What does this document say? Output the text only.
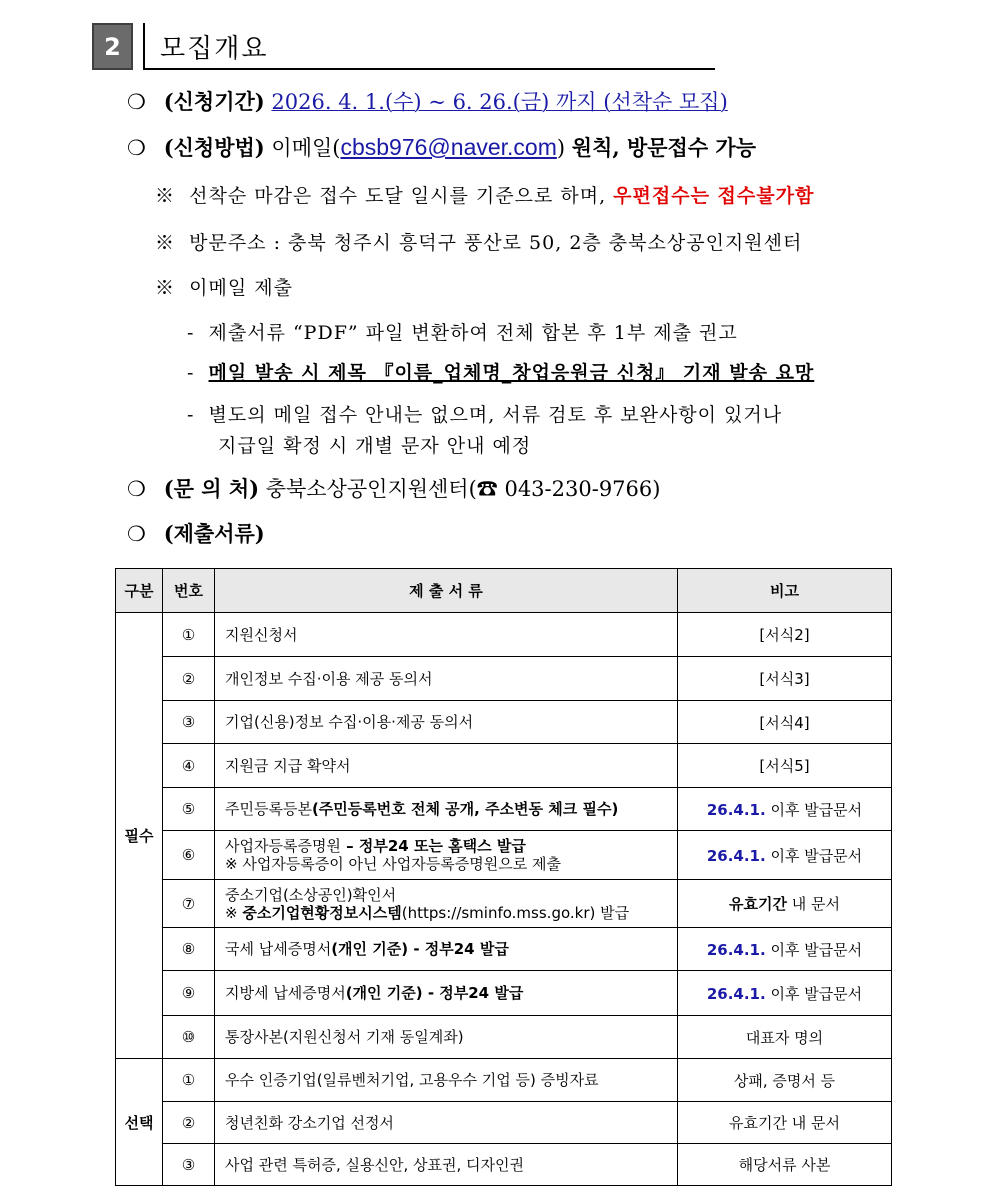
2 모집개요
❍ (신청기간) 2026. 4. 1.(수) ~ 6. 26.(금) 까지 (선착순 모집)
❍ (신청방법) 이메일(cbsb976@naver.com) 원칙, 방문접수 가능
※ 선착순 마감은 접수 도달 일시를 기준으로 하며, 우편접수는 접수불가함
※ 방문주소 : 충북 청주시 흥덕구 풍산로 50, 2층 충북소상공인지원센터
※ 이메일 제출
- 제출서류 “PDF” 파일 변환하여 전체 합본 후 1부 제출 권고
- 메일 발송 시 제목 『이름_업체명_창업응원금 신청』 기재 발송 요망
- 별도의 메일 접수 안내는 없으며, 서류 검토 후 보완사항이 있거나
지급일 확정 시 개별 문자 안내 예정
❍ (문 의 처) 충북소상공인지원센터(☎ 043-230-9766)
❍ (제출서류)
구분	번호	제 출 서 류	비고
필수	①	지원신청서	[서식2]
	②	개인정보 수집·이용 제공 동의서	[서식3]
	③	기업(신용)정보 수집·이용·제공 동의서	[서식4]
	④	지원금 지급 확약서	[서식5]
	⑤	주민등록등본(주민등록번호 전체 공개, 주소변동 체크 필수)	26.4.1. 이후 발급문서
	⑥	사업자등록증명원 – 정부24 또는 홈택스 발급
※ 사업자등록증이 아닌 사업자등록증명원으로 제출	26.4.1. 이후 발급문서
	⑦	중소기업(소상공인)확인서
※ 중소기업현황정보시스템(https://sminfo.mss.go.kr) 발급	유효기간 내 문서
	⑧	국세 납세증명서(개인 기준) - 정부24 발급	26.4.1. 이후 발급문서
	⑨	지방세 납세증명서(개인 기준) - 정부24 발급	26.4.1. 이후 발급문서
	⑩	통장사본(지원신청서 기재 동일계좌)	대표자 명의
선택	①	우수 인증기업(일류벤처기업, 고용우수 기업 등) 증빙자료	상패, 증명서 등
	②	청년친화 강소기업 선정서	유효기간 내 문서
	③	사업 관련 특허증, 실용신안, 상표권, 디자인권	해당서류 사본
